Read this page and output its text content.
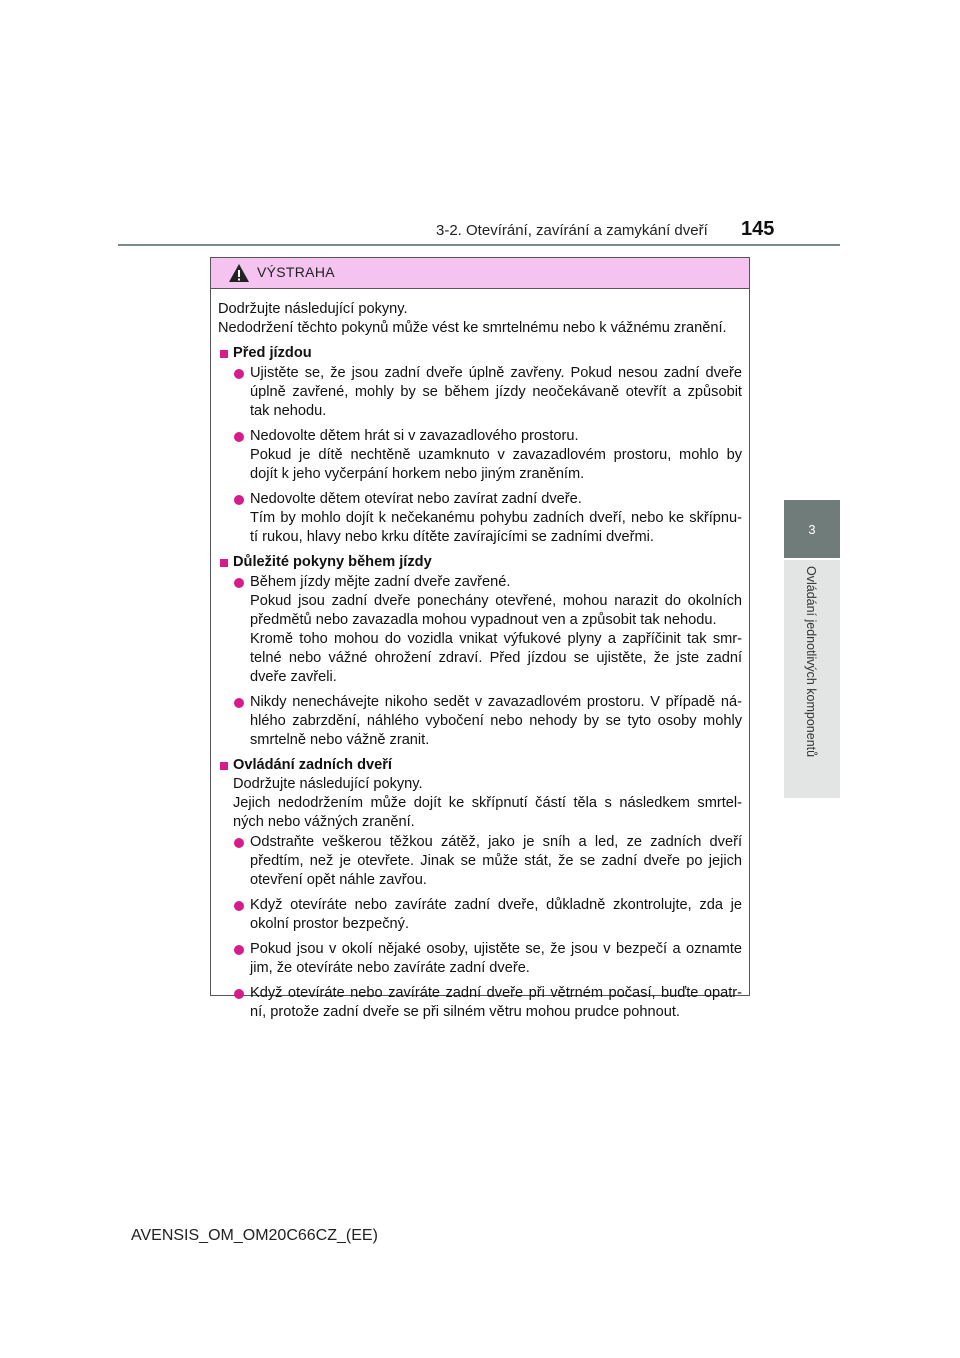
3-2. Otevírání, zavírání a zamykání dveří 145
3
Ovládání jednotlivých komponentů
VÝSTRAHA
Dodržujte následující pokyny.
Nedodržení těchto pokynů může vést ke smrtelnému nebo k vážnému zranění.
Před jízdou
Ujistěte se, že jsou zadní dveře úplně zavřeny. Pokud nesou zadní dveře
úplně zavřené, mohly by se během jízdy neočekávaně otevřít a způsobit
tak nehodu.
Nedovolte dětem hrát si v zavazadlového prostoru.
Pokud je dítě nechtěně uzamknuto v zavazadlovém prostoru, mohlo by
dojít k jeho vyčerpání horkem nebo jiným zraněním.
Nedovolte dětem otevírat nebo zavírat zadní dveře.
Tím by mohlo dojít k nečekanému pohybu zadních dveří, nebo ke skřípnu-
tí rukou, hlavy nebo krku dítěte zavírajícími se zadními dveřmi.
Důležité pokyny během jízdy
Během jízdy mějte zadní dveře zavřené.
Pokud jsou zadní dveře ponechány otevřené, mohou narazit do okolních
předmětů nebo zavazadla mohou vypadnout ven a způsobit tak nehodu.
Kromě toho mohou do vozidla vnikat výfukové plyny a zapříčinit tak smr-
telné nebo vážné ohrožení zdraví. Před jízdou se ujistěte, že jste zadní
dveře zavřeli.
Nikdy nenechávejte nikoho sedět v zavazadlovém prostoru. V případě ná-
hlého zabrzdění, náhlého vybočení nebo nehody by se tyto osoby mohly
smrtelně nebo vážně zranit.
Ovládání zadních dveří
Dodržujte následující pokyny.
Jejich nedodržením může dojít ke skřípnutí částí těla s následkem smrtel-
ných nebo vážných zranění.
Odstraňte veškerou těžkou zátěž, jako je sníh a led, ze zadních dveří
předtím, než je otevřete. Jinak se může stát, že se zadní dveře po jejich
otevření opět náhle zavřou.
Když otevíráte nebo zavíráte zadní dveře, důkladně zkontrolujte, zda je
okolní prostor bezpečný.
Pokud jsou v okolí nějaké osoby, ujistěte se, že jsou v bezpečí a oznamte
jim, že otevíráte nebo zavíráte zadní dveře.
Když otevíráte nebo zavíráte zadní dveře při větrném počasí, buďte opatr-
ní, protože zadní dveře se při silném větru mohou prudce pohnout.
AVENSIS_OM_OM20C66CZ_(EE)
